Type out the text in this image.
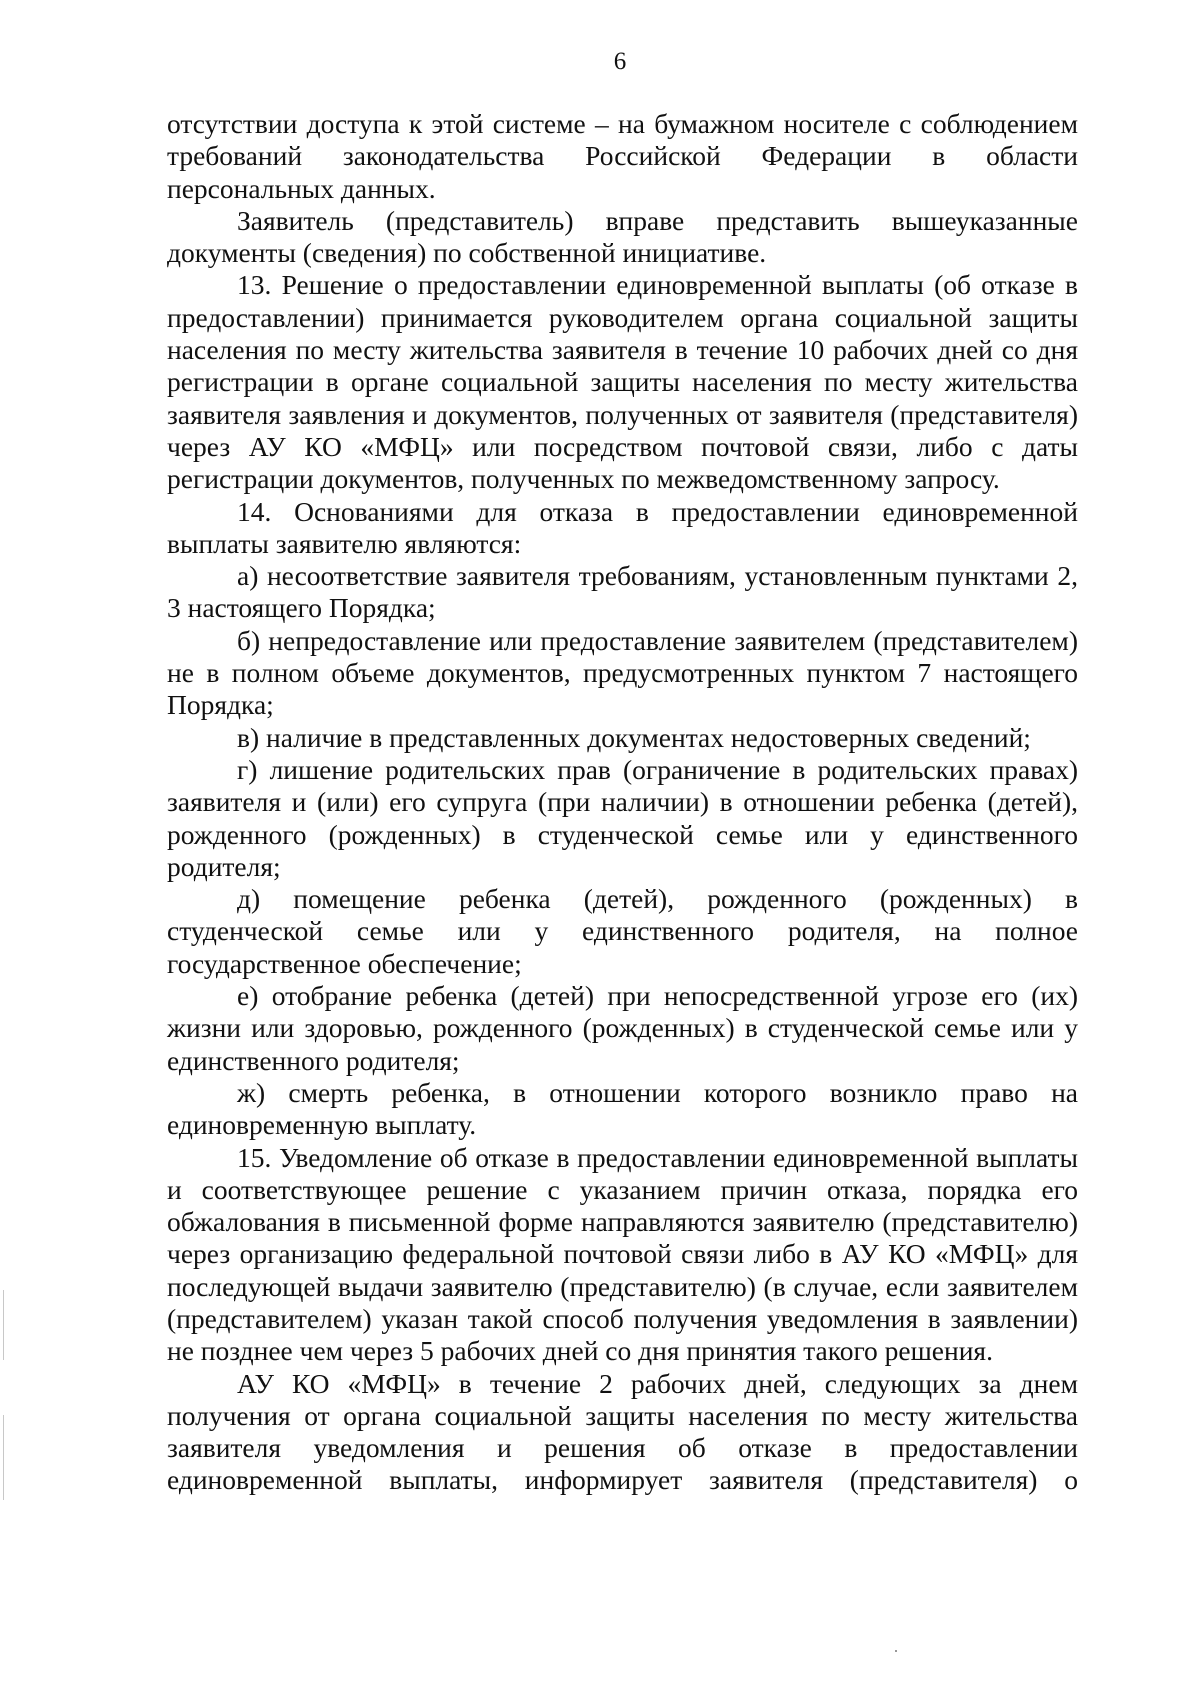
6

отсутствии доступа к этой системе – на бумажном носителе с соблюдением требований законодательства Российской Федерации в области персональных данных.

Заявитель (представитель) вправе представить вышеуказанные документы (сведения) по собственной инициативе.

13. Решение о предоставлении единовременной выплаты (об отказе в предоставлении) принимается руководителем органа социальной защиты населения по месту жительства заявителя в течение 10 рабочих дней со дня регистрации в органе социальной защиты населения по месту жительства заявителя заявления и документов, полученных от заявителя (представителя) через АУ КО «МФЦ» или посредством почтовой связи, либо с даты регистрации документов, полученных по межведомственному запросу.

14. Основаниями для отказа в предоставлении единовременной выплаты заявителю являются:

а) несоответствие заявителя требованиям, установленным пунктами 2, 3 настоящего Порядка;

б) непредоставление или предоставление заявителем (представителем) не в полном объеме документов, предусмотренных пунктом 7 настоящего Порядка;

в) наличие в представленных документах недостоверных сведений;

г) лишение родительских прав (ограничение в родительских правах) заявителя и (или) его супруга (при наличии) в отношении ребенка (детей), рожденного (рожденных) в студенческой семье или у единственного родителя;

д) помещение ребенка (детей), рожденного (рожденных) в студенческой семье или у единственного родителя, на полное государственное обеспечение;

е) отобрание ребенка (детей) при непосредственной угрозе его (их) жизни или здоровью, рожденного (рожденных) в студенческой семье или у единственного родителя;

ж) смерть ребенка, в отношении которого возникло право на единовременную выплату.

15. Уведомление об отказе в предоставлении единовременной выплаты и соответствующее решение с указанием причин отказа, порядка его обжалования в письменной форме направляются заявителю (представителю) через организацию федеральной почтовой связи либо в АУ КО «МФЦ» для последующей выдачи заявителю (представителю) (в случае, если заявителем (представителем) указан такой способ получения уведомления в заявлении) не позднее чем через 5 рабочих дней со дня принятия такого решения.

АУ КО «МФЦ» в течение 2 рабочих дней, следующих за днем получения от органа социальной защиты населения по месту жительства заявителя уведомления и решения об отказе в предоставлении единовременной выплаты, информирует заявителя (представителя) о
